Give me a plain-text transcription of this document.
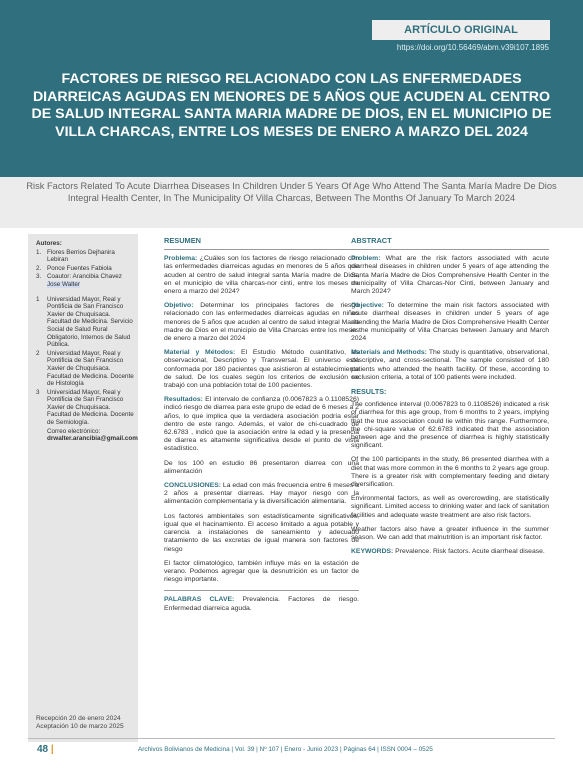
ARTÍCULO ORIGINAL
https://doi.org/10.56469/abm.v39i107.1895
FACTORES DE RIESGO RELACIONADO CON LAS ENFERMEDADES DIARREICAS AGUDAS EN MENORES DE 5 AÑOS QUE ACUDEN AL CENTRO DE SALUD INTEGRAL SANTA MARIA MADRE DE DIOS, EN EL MUNICIPIO DE VILLA CHARCAS, ENTRE LOS MESES DE ENERO A MARZO DEL 2024
Risk Factors Related To Acute Diarrhea Diseases In Children Under 5 Years Of Age Who Attend The Santa María Madre De Dios Integral Health Center, In The Municipality Of Villa Charcas, Between The Months Of January To March 2024
Autores:
1. Flores Berrios Dejhanira Lebiran
2. Ponce Fuentes Fabiola
3. Coautor: Arancibia Chavez
Jose Walter
1	Universidad Mayor, Real y Pontificia de San Francisco Xavier de Chuquisaca. Facultad de Medicina. Servicio Social de Salud Rural Obligatorio, Internos de Salud Pública.
2	Universidad Mayor, Real y Pontificia de San Francisco Xavier de Chuquisaca. Facultad de Medicina. Docente de Histología
3	Universidad Mayor, Real y Pontificia de San Francisco Xavier de Chuquisaca. Facultad de Medicina. Docente de Semiología.
Correo electrónico: drwalter.arancibia@gmail.com
Recepción 20 de enero 2024
Aceptación 10 de marzo 2025
RESUMEN

Problema: ¿Cuáles son los factores de riesgo relacionado con las enfermedades diarreicas agudas en menores de 5 años que acuden al centro de salud integral santa María madre de Dios, en el municipio de villa charcas-nor cinti, entre los meses de enero a marzo del 2024?

Objetivo: Determinar los principales factores de riesgo relacionado con las enfermedades diarreicas agudas en niños menores de 5 años que acuden al centro de salud integral María madre de Dios en el municipio de Villa Charcas entre los meses de enero a marzo del 2024

Material y Métodos: El Estudio Método cuantitativo, es observacional, Descriptivo y Transversal. El universo está conformada por 180 pacientes que asistieron al establecimiento de salud. De los cuales según los criterios de exclusión se trabajó con una población total de 100 pacientes.

Resultados: El intervalo de confianza (0.0067823 a 0.1108526) indicó riesgo de diarrea para este grupo de edad de 6 meses a 2 años, lo que implica que la verdadera asociación podría estar dentro de este rango. Además, el valor de chi-cuadrado de 62.6783 , indicó que la asociación entre la edad y la presencia de diarrea es altamente significativa desde el punto de vista estadístico.

De los 100 en estudio 86 presentaron diarrea con una alimentación

CONCLUSIONES: La edad con más frecuencia entre 6 meses a 2 años a presentar diarreas. Hay mayor riesgo con la alimentación complementaria y la diversificación alimentaria.

Los factores ambientales son estadísticamente significativos, igual que el hacinamiento. El acceso limitado a agua potable y carencia a instalaciones de saneamiento y adecuado tratamiento de las excretas de igual manera son factores de riesgo

El factor climatológico, también influye más en la estación de verano. Podemos agregar que la desnutrición es un factor de riesgo importante.

PALABRAS CLAVE: Prevalencia. Factores de riesgo. Enfermedad diarreica aguda.

ABSTRACT

Problem: What are the risk factors associated with acute diarrheal diseases in children under 5 years of age attending the Santa María Madre de Dios Comprehensive Health Center in the municipality of Villa Charcas-Nor Cinti, between January and March 2024?

Objective: To determine the main risk factors associated with acute diarrheal diseases in children under 5 years of age attending the María Madre de Dios Comprehensive Health Center in the municipality of Villa Charcas between January and March 2024

Materials and Methods: The study is quantitative, observational, descriptive, and cross-sectional. The sample consisted of 180 patients who attended the health facility. Of these, according to exclusion criteria, a total of 100 patients were included.

RESULTS:

The confidence interval (0.0067823 to 0.1108526) indicated a risk of diarrhea for this age group, from 6 months to 2 years, implying that the true association could lie within this range. Furthermore, the chi-square value of 62.6783 indicated that the association between age and the presence of diarrhea is highly statistically significant.

Of the 100 participants in the study, 86 presented diarrhea with a diet that was more common in the 6 months to 2 years age group. There is a greater risk with complementary feeding and dietary diversification.

Environmental factors, as well as overcrowding, are statistically significant. Limited access to drinking water and lack of sanitation facilities and adequate waste treatment are also risk factors.

Weather factors also have a greater influence in the summer season. We can add that malnutrition is an important risk factor.

KEYWORDS: Prevalence. Risk factors. Acute diarrheal disease.

48 |	Archivos Bolivianos de Medicina | Vol. 39 | Nº 107 | Enero - Junio 2023 | Páginas 64 | ISSN 0004 – 0525
